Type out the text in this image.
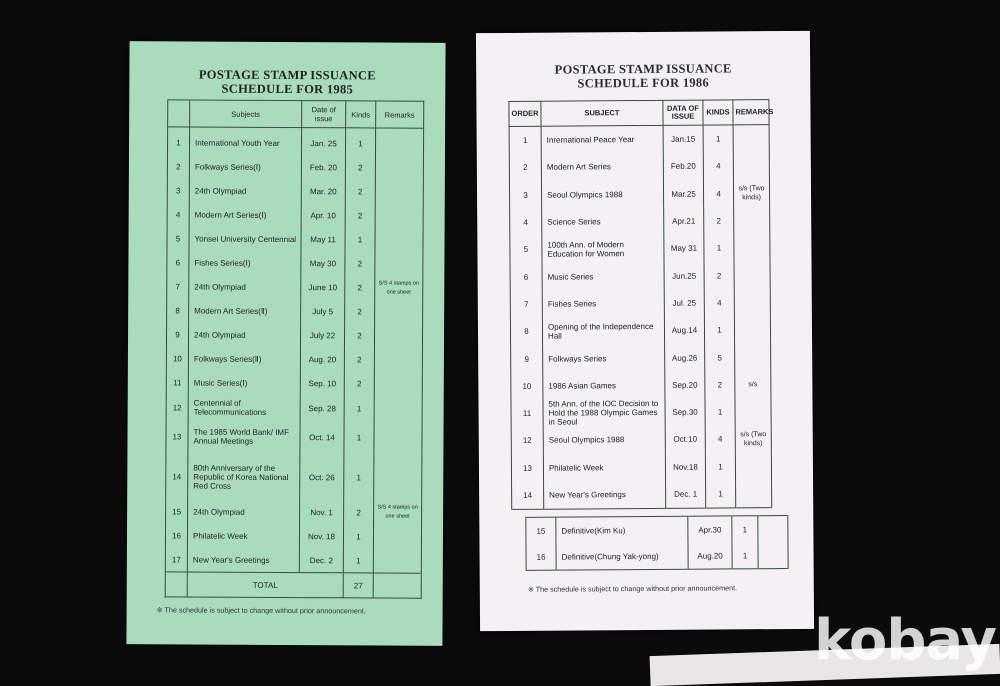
POSTAGE STAMP ISSUANCE
SCHEDULE FOR 1985
	Subjects	Date of issue	Kinds	Remarks
1	International Youth Year	Jan. 25	1	
2	Folkways Series(Ⅰ)	Feb. 20	2	
3	24th Olympiad	Mar. 20	2	
4	Modern Art Series(Ⅰ)	Apr. 10	2	
5	Yonsei University Centennial	May 11	1	
6	Fishes Series(Ⅰ)	May 30	2	
7	24th Olympiad	June 10	2	S/S 4 stamps on one sheet
8	Modern Art Series(Ⅱ)	July 5	2	
9	24th Olympiad	July 22	2	
10	Folkways Series(Ⅱ)	Aug. 20	2	
11	Music Series(Ⅰ)	Sep. 10	2	
12	Centennial of Telecommunications	Sep. 28	1	
13	The 1985 World Bank/ IMF Annual Meetings	Oct. 14	1	
14	80th Anniversary of the Republic of Korea National Red Cross	Oct. 26	1	
15	24th Olympiad	Nov. 1	2	S/S 4 stamps on one sheet
16	Philatelic Week	Nov. 18	1	
17	New Year's Greetings	Dec. 2	1	
	TOTAL		27	
※ The schedule is subject to change without prior announcement.
POSTAGE STAMP ISSUANCE
SCHEDULE FOR 1986
ORDER	SUBJECT	DATA OF ISSUE	KINDS	REMARKS
1	Inrernational Peace Year	Jan.15	1	
2	Modern Art Series	Feb.20	4	
3	Seoul Olympics 1988	Mar.25	4	s/s (Two kinds)
4	Science Series	Apr.21	2	
5	100th Ann. of Modern Education for Women	May 31	1	
6	Music Series	Jun.25	2	
7	Fishes Series	Jul. 25	4	
8	Opening of the Independence Hall	Aug.14	1	
9	Folkways Series	Aug.26	5	
10	1986 Asian Games	Sep.20	2	s/s
11	5th Ann. of the IOC Decision to Hold the 1988 Olympic Games in Seoul	Sep.30	1	
12	Seoul Olympics 1988	Oct.10	4	s/s (Two kinds)
13	Philatelic Week	Nov.18	1	
14	New Year's Greetings	Dec. 1	1	
15	Definitive(Kim Ku)	Apr.30	1	
16	Definitive(Chung Yak-yong)	Aug.20	1	
※ The schedule is subject to change without prior announcement.
kobay
